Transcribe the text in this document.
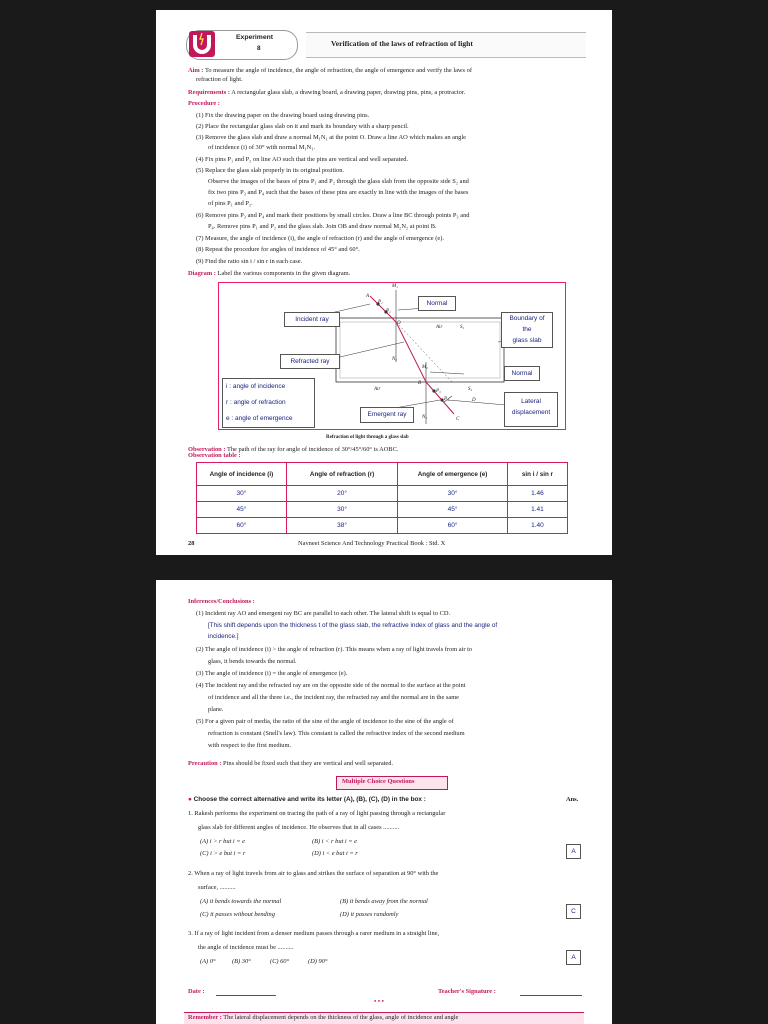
Experiment
8
Verification of the laws of refraction of light
Aim : To measure the angle of incidence, the angle of refraction, the angle of emergence and verify the laws of
refraction of light.
Requirements : A rectangular glass slab, a drawing board, a drawing paper, drawing pins, pins, a protractor.
Procedure :
(1) Fix the drawing paper on the drawing board using drawing pins.
(2) Place the rectangular glass slab on it and mark its boundary with a sharp pencil.
(3) Remove the glass slab and draw a normal M₁N₁ at the point O. Draw a line AO which makes an angle
of incidence (i) of 30° with normal M₁N₁.
(4) Fix pins P₁ and P₂ on line AO such that the pins are vertical and well separated.
(5) Replace the glass slab properly in its original position.
Observe the images of the bases of pins P₁ and P₂ through the glass slab from the opposite side S₂ and
fix two pins P₃ and P₄ such that the bases of these pins are exactly in line with the images of the bases
of pins P₁ and P₂.
(6) Remove pins P₃ and P₄ and mark their positions by small circles. Draw a line BC through points P₃ and
P₄. Remove pins P₁ and P₂ and the glass slab. Join OB and draw normal M₂N₂ at point B.
(7) Measure, the angle of incidence (i), the angle of refraction (r) and the angle of emergence (e).
(8) Repeat the procedure for angles of incidence of 45° and 60°.
(9) Find the ratio sin i / sin r in each case.
Diagram : Label the various components in the given diagram.
M₁
A
P₁
P₂
O
Air	S₁
N₁
M₂
Air
B
S₂
P₃
P₄	D
C
N₂
Incident ray
Normal
Boundary of
the
glass slab
Refracted ray
Normal
i : angle of incidence
r : angle of refraction
e : angle of emergence
Emergent ray
Lateral
displacement
Refraction of light through a glass slab
Observation : The path of the ray for angle of incidence of 30°/45°/60° is AOBC.
Observation table :
Angle of incidence (i)	Angle of refraction (r)	Angle of emergence (e)	sin i / sin r
30°	20°	30°	1.46
45°	30°	45°	1.41
60°	38°	60°	1.40
28	Navneet Science And Technology Practical Book : Std. X
Inferences/Conclusions :
(1) Incident ray AO and emergent ray BC are parallel to each other. The lateral shift is equal to CD.
[This shift depends upon the thickness t of the glass slab, the refractive index of glass and the angle of
incidence.]
(2) The angle of incidence (i) > the angle of refraction (r). This means when a ray of light travels from air to
glass, it bends towards the normal.
(3) The angle of incidence (i) = the angle of emergence (e).
(4) The incident ray and the refracted ray are on the opposite side of the normal to the surface at the point
of incidence and all the three i.e., the incident ray, the refracted ray and the normal are in the same
plane.
(5) For a given pair of media, the ratio of the sine of the angle of incidence to the sine of the angle of
refraction is constant (Snell's law). This constant is called the refractive index of the second medium
with respect to the first medium.
Precaution : Pins should be fixed such that they are vertical and well separated.
Multiple Choice Questions
● Choose the correct alternative and write its letter (A), (B), (C), (D) in the box :	Ans.
1. Rakesh performs the experiment on tracing the path of a ray of light passing through a rectangular
glass slab for different angles of incidence. He observes that in all cases ..........
(A) i > r but i = e	(B) i < r but i = e
(C) i > e but i = r	(D) i < e but i = r	A
2. When a ray of light travels from air to glass and strikes the surface of separation at 90° with the
surface, ..........
(A) it bends towards the normal	(B) it bends away from the normal
(C) it passes without bending	(D) it passes randomly	C
3. If a ray of light incident from a denser medium passes through a rarer medium in a straight line,
the angle of incidence must be ..........
(A) 0°	(B) 30°	(C) 60°	(D) 90°
A
Date :	Teacher's Signature :
• • •
Remember : The lateral displacement depends on the thickness of the glass, angle of incidence and angle
